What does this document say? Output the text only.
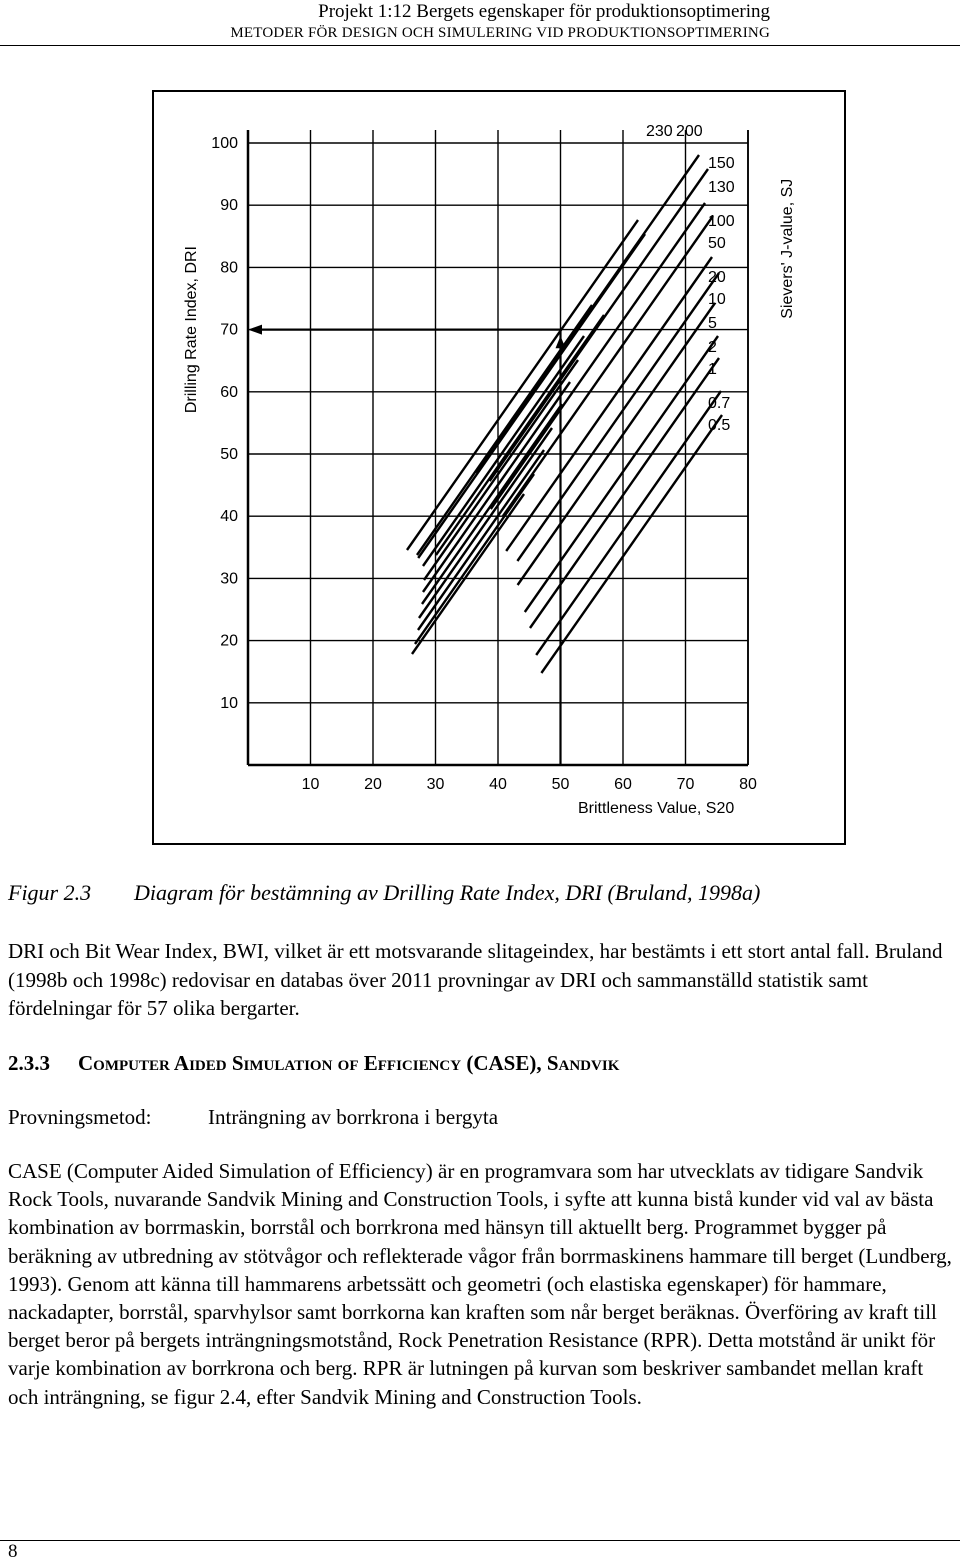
Projekt 1:12 Bergets egenskaper för produktionsoptimering
METODER FÖR DESIGN OCH SIMULERING VID PRODUKTIONSOPTIMERING
100
90
80
70
60
50
40
30
20
10
10	20	30	40	50	60	70	80
Drilling Rate Index, DRI
Brittleness Value, S20
Sievers' J-value, SJ
230 200
150
130
100
50
20
10
5
2
1
0.7
0.5
Figur 2.3 Diagram för bestämning av Drilling Rate Index, DRI (Bruland, 1998a)
DRI och Bit Wear Index, BWI, vilket är ett motsvarande slitageindex, har bestämts i ett stort antal fall. Bruland (1998b och 1998c) redovisar en databas över 2011 provningar av DRI och sammanställd statistik samt fördelningar för 57 olika bergarter.
2.3.3 Computer Aided Simulation of Efficiency (CASE), Sandvik
Provningsmetod:	Inträngning av borrkrona i bergyta
CASE (Computer Aided Simulation of Efficiency) är en programvara som har utvecklats av tidigare Sandvik Rock Tools, nuvarande Sandvik Mining and Construction Tools, i syfte att kunna bistå kunder vid val av bästa kombination av borrmaskin, borrstål och borrkrona med hänsyn till aktuellt berg. Programmet bygger på beräkning av utbredning av stötvågor och reflekterade vågor från borrmaskinens hammare till berget (Lundberg, 1993). Genom att känna till hammarens arbetssätt och geometri (och elastiska egenskaper) för hammare, nackadapter, borrstål, sparvhylsor samt borrkorna kan kraften som når berget beräknas. Överföring av kraft till berget beror på bergets inträngningsmotstånd, Rock Penetration Resistance (RPR). Detta motstånd är unikt för varje kombination av borrkrona och berg. RPR är lutningen på kurvan som beskriver sambandet mellan kraft och inträngning, se figur 2.4, efter Sandvik Mining and Construction Tools.
8
